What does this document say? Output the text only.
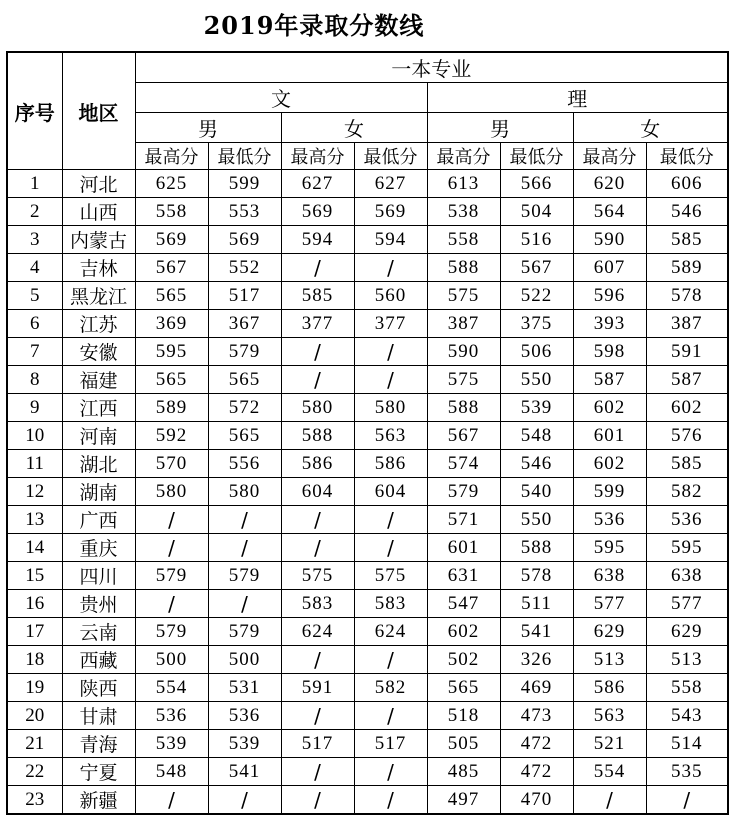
2019年录取分数线
序号	地区	一本专业							
		文				理			
		男		女		男		女	
		最高分	最低分	最高分	最低分	最高分	最低分	最高分	最低分
1	河北	625	599	627	627	613	566	620	606
2	山西	558	553	569	569	538	504	564	546
3	内蒙古	569	569	594	594	558	516	590	585
4	吉林	567	552	/	/	588	567	607	589
5	黑龙江	565	517	585	560	575	522	596	578
6	江苏	369	367	377	377	387	375	393	387
7	安徽	595	579	/	/	590	506	598	591
8	福建	565	565	/	/	575	550	587	587
9	江西	589	572	580	580	588	539	602	602
10	河南	592	565	588	563	567	548	601	576
11	湖北	570	556	586	586	574	546	602	585
12	湖南	580	580	604	604	579	540	599	582
13	广西	/	/	/	/	571	550	536	536
14	重庆	/	/	/	/	601	588	595	595
15	四川	579	579	575	575	631	578	638	638
16	贵州	/	/	583	583	547	511	577	577
17	云南	579	579	624	624	602	541	629	629
18	西藏	500	500	/	/	502	326	513	513
19	陕西	554	531	591	582	565	469	586	558
20	甘肃	536	536	/	/	518	473	563	543
21	青海	539	539	517	517	505	472	521	514
22	宁夏	548	541	/	/	485	472	554	535
23	新疆	/	/	/	/	497	470	/	/
